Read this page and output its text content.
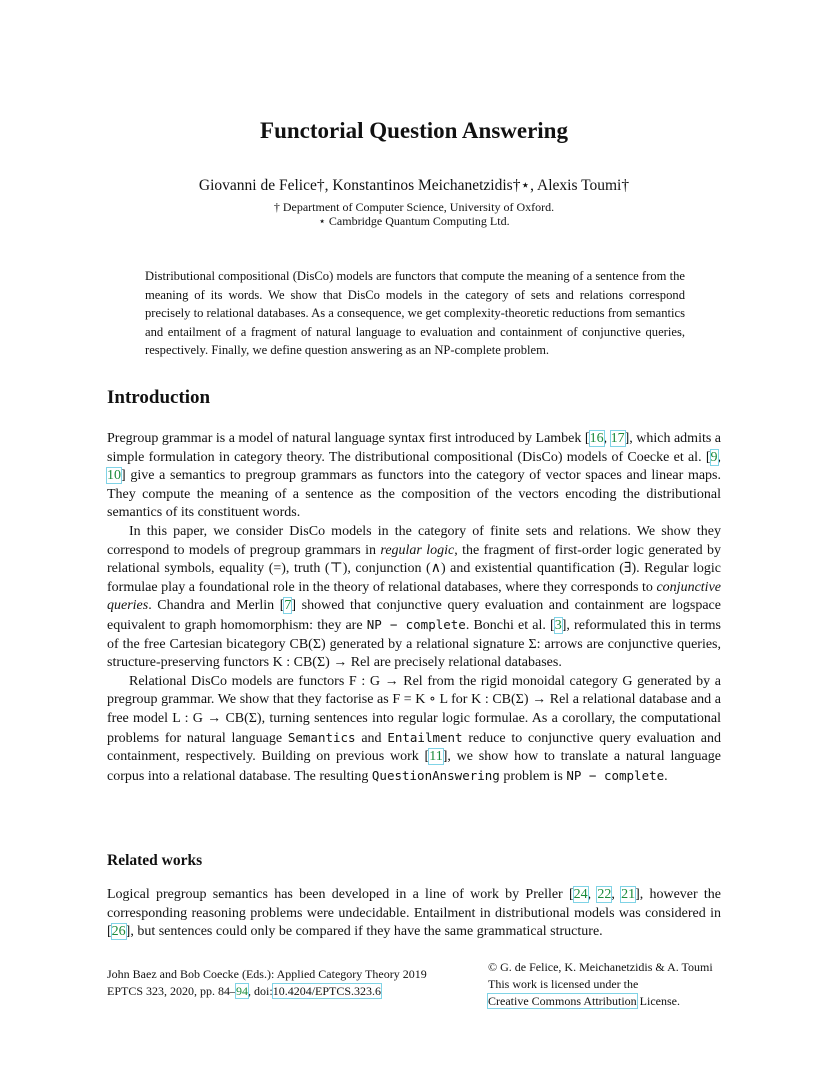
Functorial Question Answering
Giovanni de Felice†, Konstantinos Meichanetzidis†⋆, Alexis Toumi†
† Department of Computer Science, University of Oxford.
⋆ Cambridge Quantum Computing Ltd.
Distributional compositional (DisCo) models are functors that compute the meaning of a sentence from the meaning of its words. We show that DisCo models in the category of sets and relations correspond precisely to relational databases. As a consequence, we get complexity-theoretic reductions from semantics and entailment of a fragment of natural language to evaluation and containment of conjunctive queries, respectively. Finally, we define question answering as an NP-complete problem.
Introduction

Pregroup grammar is a model of natural language syntax first introduced by Lambek [16, 17], which admits a simple formulation in category theory. The distributional compositional (DisCo) models of Coecke et al. [9, 10] give a semantics to pregroup grammars as functors into the category of vector spaces and linear maps. They compute the meaning of a sentence as the composition of the vectors encoding the distributional semantics of its constituent words.

In this paper, we consider DisCo models in the category of finite sets and relations. We show they correspond to models of pregroup grammars in regular logic, the fragment of first-order logic generated by relational symbols, equality (=), truth (⊤), conjunction (∧) and existential quantification (∃). Regular logic formulae play a foundational role in the theory of relational databases, where they corresponds to conjunctive queries. Chandra and Merlin [7] showed that conjunctive query evaluation and containment are logspace equivalent to graph homomorphism: they are NP − complete. Bonchi et al. [3], reformulated this in terms of the free Cartesian bicategory CB(Σ) generated by a relational signature Σ: arrows are conjunctive queries, structure-preserving functors K : CB(Σ) → Rel are precisely relational databases.

Relational DisCo models are functors F : G → Rel from the rigid monoidal category G generated by a pregroup grammar. We show that they factorise as F = K ∘ L for K : CB(Σ) → Rel a relational database and a free model L : G → CB(Σ), turning sentences into regular logic formulae. As a corollary, the computational problems for natural language Semantics and Entailment reduce to conjunctive query evaluation and containment, respectively. Building on previous work [11], we show how to translate a natural language corpus into a relational database. The resulting QuestionAnswering problem is NP − complete.

Related works

Logical pregroup semantics has been developed in a line of work by Preller [24, 22, 21], however the corresponding reasoning problems were undecidable. Entailment in distributional models was considered in [26], but sentences could only be compared if they have the same grammatical structure.

John Baez and Bob Coecke (Eds.): Applied Category Theory 2019
EPTCS 323, 2020, pp. 84–94, doi:10.4204/EPTCS.323.6
© G. de Felice, K. Meichanetzidis & A. Toumi
This work is licensed under the
Creative Commons Attribution License.
